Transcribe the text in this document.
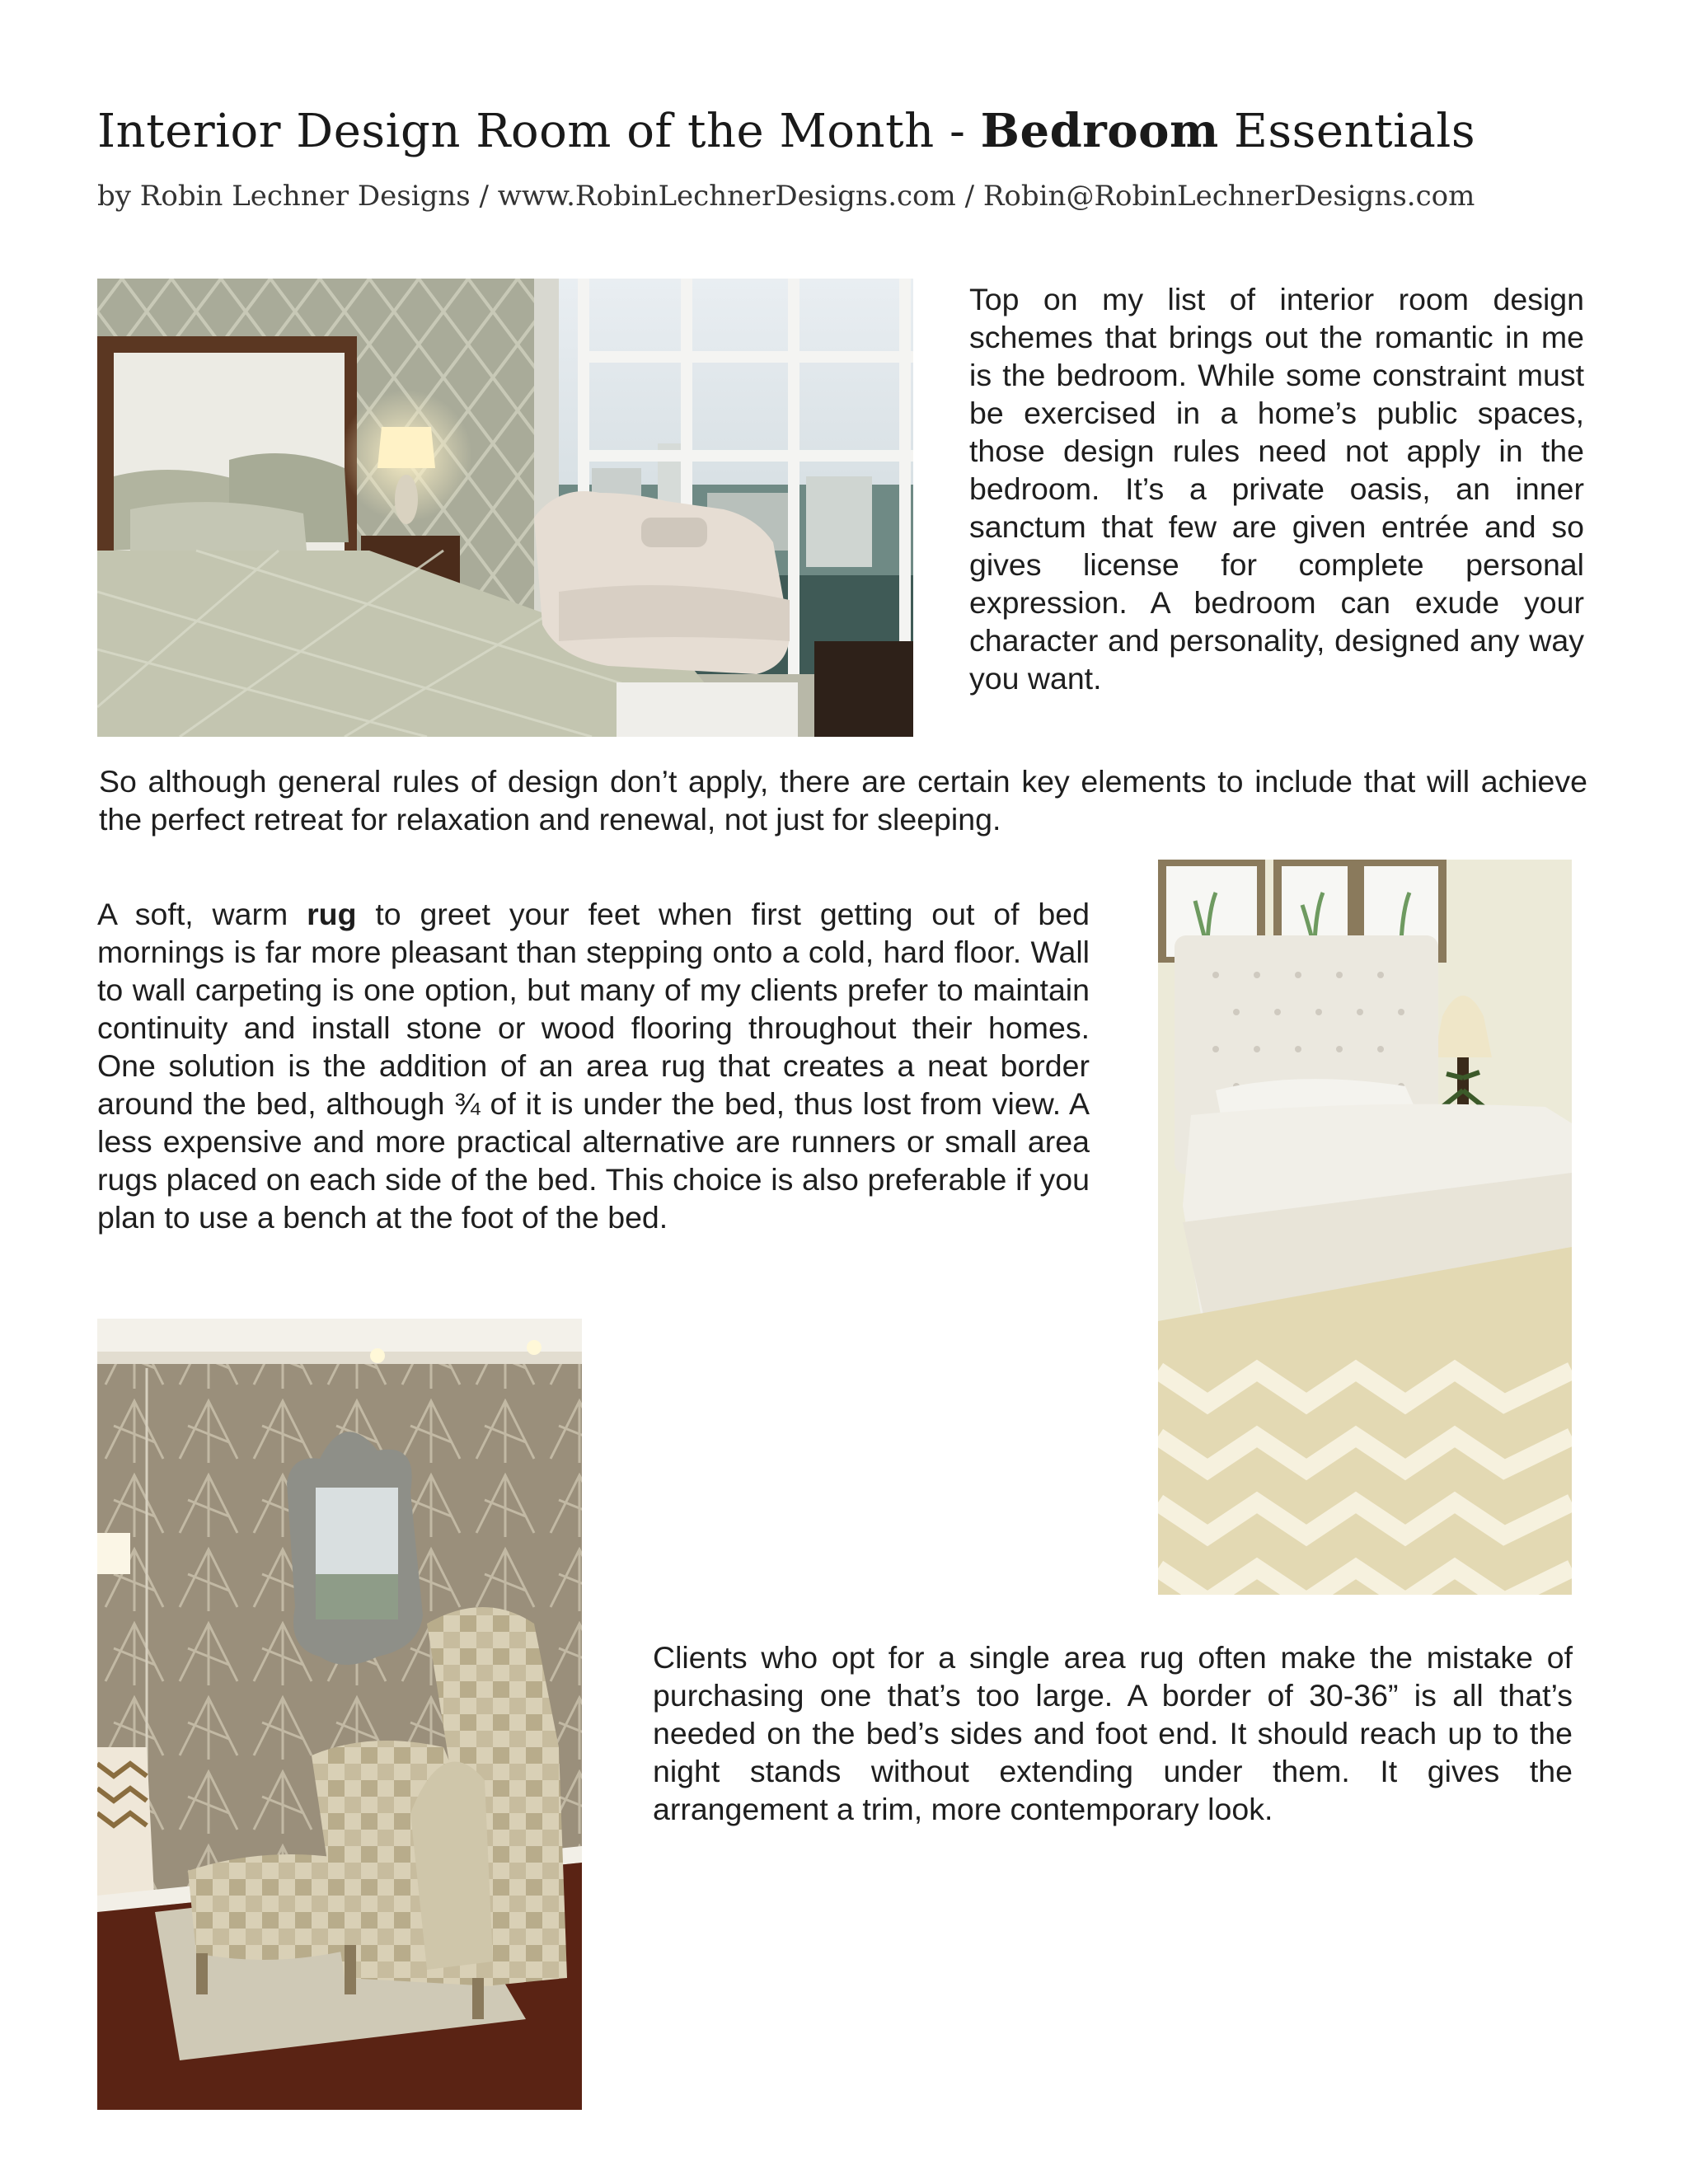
Interior Design Room of the Month - Bedroom Essentials

by Robin Lechner Designs / www.RobinLechnerDesigns.com / Robin@RobinLechnerDesigns.com

Top on my list of interior room design schemes that brings out the romantic in me is the bedroom. While some constraint must be exercised in a home’s public spaces, those design rules need not apply in the bedroom. It’s a private oasis, an inner sanctum that few are given entrée and so gives license for complete personal expression. A bedroom can exude your character and personality, designed any way you want.

So although general rules of design don’t apply, there are certain key elements to include that will achieve the perfect retreat for relaxation and renewal, not just for sleeping.

A soft, warm rug to greet your feet when first getting out of bed mornings is far more pleasant than stepping onto a cold, hard floor. Wall to wall carpeting is one option, but many of my clients prefer to maintain continuity and install stone or wood flooring throughout their homes. One solution is the addition of an area rug that creates a neat border around the bed, although ¾ of it is under the bed, thus lost from view. A less expensive and more practical alternative are runners or small area rugs placed on each side of the bed. This choice is also preferable if you plan to use a bench at the foot of the bed.

Clients who opt for a single area rug often make the mistake of purchasing one that’s too large. A border of 30-36” is all that’s needed on the bed’s sides and foot end. It should reach up to the night stands without extending under them. It gives the arrangement a trim, more contemporary look.
